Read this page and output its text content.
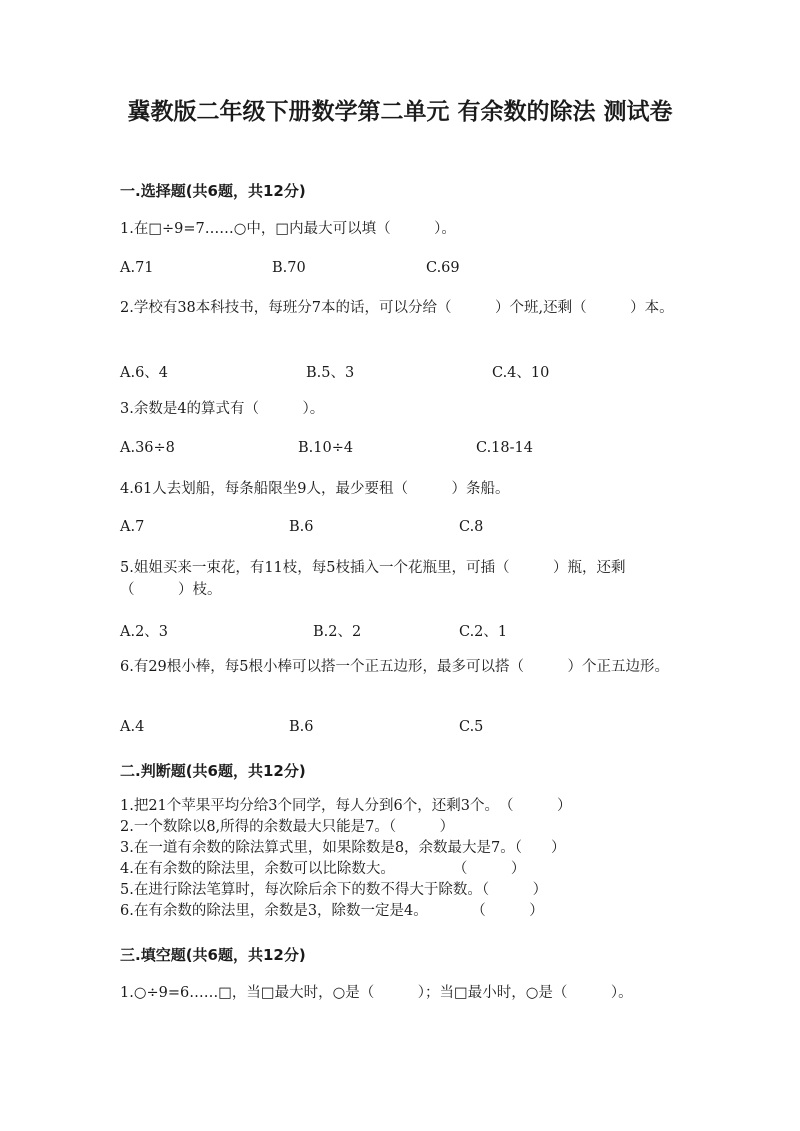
冀教版二年级下册数学第二单元 有余数的除法 测试卷
一.选择题(共6题，共12分)
1.在□÷9=7……○中，□内最大可以填（　　　）。
A.71	B.70	C.69
2.学校有38本科技书，每班分7本的话，可以分给（　　　）个班,还剩（　　　）本。
A.6、4	B.5、3	C.4、10
3.余数是4的算式有（　　　）。
A.36÷8	B.10÷4	C.18-14
4.61人去划船，每条船限坐9人，最少要租（　　　）条船。
A.7	B.6	C.8
5.姐姐买来一束花，有11枝，每5枝插入一个花瓶里，可插（　　　）瓶，还剩（　　　）枝。
A.2、3	B.2、2	C.2、1
6.有29根小棒，每5根小棒可以搭一个正五边形，最多可以搭（　　　）个正五边形。
A.4	B.6	C.5
二.判断题(共6题，共12分)
1.把21个苹果平均分给3个同学，每人分到6个，还剩3个。　（　　　）
2.一个数除以8,所得的余数最大只能是7。（　　　）
3.在一道有余数的除法算式里，如果除数是8，余数最大是7。（　　）
4.在有余数的除法里，余数可以比除数大。　　　　　（　　　）
5.在进行除法笔算时，每次除后余下的数不得大于除数。（　　　）
6.在有余数的除法里，余数是3，除数一定是4。　　　　（　　　）
三.填空题(共6题，共12分)
1.○÷9=6……□，当□最大时，○是（　　　）；当□最小时，○是（　　　）。
